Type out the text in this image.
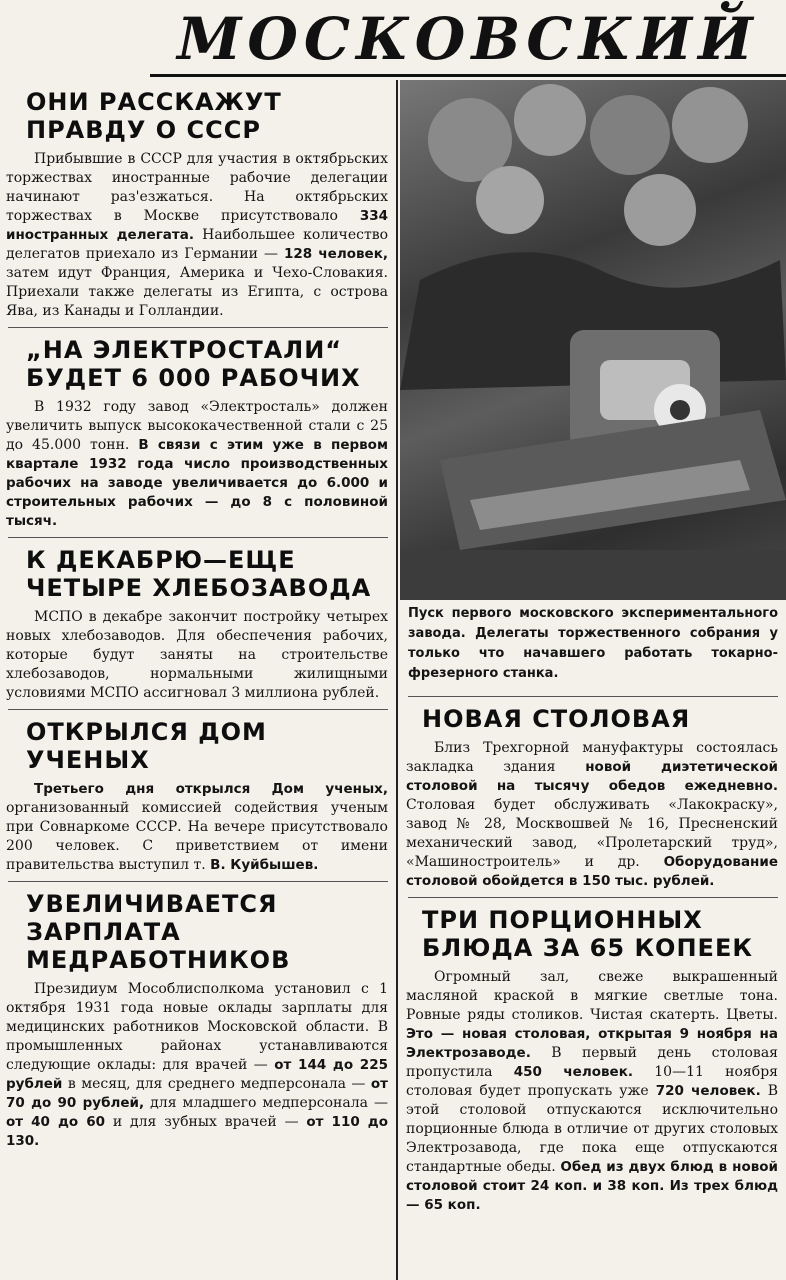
МОСКОВСКИЙ
ОНИ РАССКАЖУТ ПРАВДУ О СССР

Прибывшие в СССР для участия в октябрьских торжествах иностранные рабочие делегации начинают раз'езжаться. На октябрьских торжествах в Москве присутствовало 334 иностранных делегата. Наибольшее количество делегатов приехало из Германии — 128 человек, затем идут Франция, Америка и Чехо-Словакия. Приехали также делегаты из Египта, с острова Ява, из Канады и Голландии.

„НА ЭЛЕКТРОСТАЛИ“ БУДЕТ 6 000 РАБОЧИХ

В 1932 году завод «Электросталь» должен увеличить выпуск высококачественной стали с 25 до 45.000 тонн. В связи с этим уже в первом квартале 1932 года число производственных рабочих на заводе увеличивается до 6.000 и строительных рабочих — до 8 с половиной тысяч.

К ДЕКАБРЮ—ЕЩЕ ЧЕТЫРЕ ХЛЕБОЗАВОДА

МСПО в декабре закончит постройку четырех новых хлебозаводов. Для обеспечения рабочих, которые будут заняты на строительстве хлебозаводов, нормальными жилищными условиями МСПО ассигновал 3 миллиона рублей.

ОТКРЫЛСЯ ДОМ УЧЕНЫХ

Третьего дня открылся Дом ученых, организованный комиссией содействия ученым при Совнаркоме СССР. На вечере присутствовало 200 человек. С приветствием от имени правительства выступил т. В. Куйбышев.

УВЕЛИЧИВАЕТСЯ ЗАРПЛАТА МЕДРАБОТНИКОВ

Президиум Мособлисполкома установил с 1 октября 1931 года новые оклады зарплаты для медицинских работников Московской области. В промышленных районах устанавливаются следующие оклады: для врачей — от 144 до 225 рублей в месяц, для среднего медперсонала — от 70 до 90 рублей, для младшего медперсонала — от 40 до 60 и для зубных врачей — от 110 до 130.

Пуск первого московского экспериментального завода. Делегаты торжественного собрания у только что начавшего работать токарно-фрезерного станка.

НОВАЯ СТОЛОВАЯ

Близ Трехгорной мануфактуры состоялась закладка здания новой диэтетической столовой на тысячу обедов ежедневно. Столовая будет обслуживать «Лакокраску», завод № 28, Москвошвей № 16, Пресненский механический завод, «Пролетарский труд», «Машиностроитель» и др. Оборудование столовой обойдется в 150 тыс. рублей.

ТРИ ПОРЦИОННЫХ БЛЮДА ЗА 65 КОПЕЕК

Огромный зал, свеже выкрашенный масляной краской в мягкие светлые тона. Ровные ряды столиков. Чистая скатерть. Цветы. Это — новая столовая, открытая 9 ноября на Электрозаводе. В первый день столовая пропустила 450 человек. 10—11 ноября столовая будет пропускать уже 720 человек. В этой столовой отпускаются исключительно порционные блюда в отличие от других столовых Электрозавода, где пока еще отпускаются стандартные обеды. Обед из двух блюд в новой столовой стоит 24 коп. и 38 коп. Из трех блюд — 65 коп.
